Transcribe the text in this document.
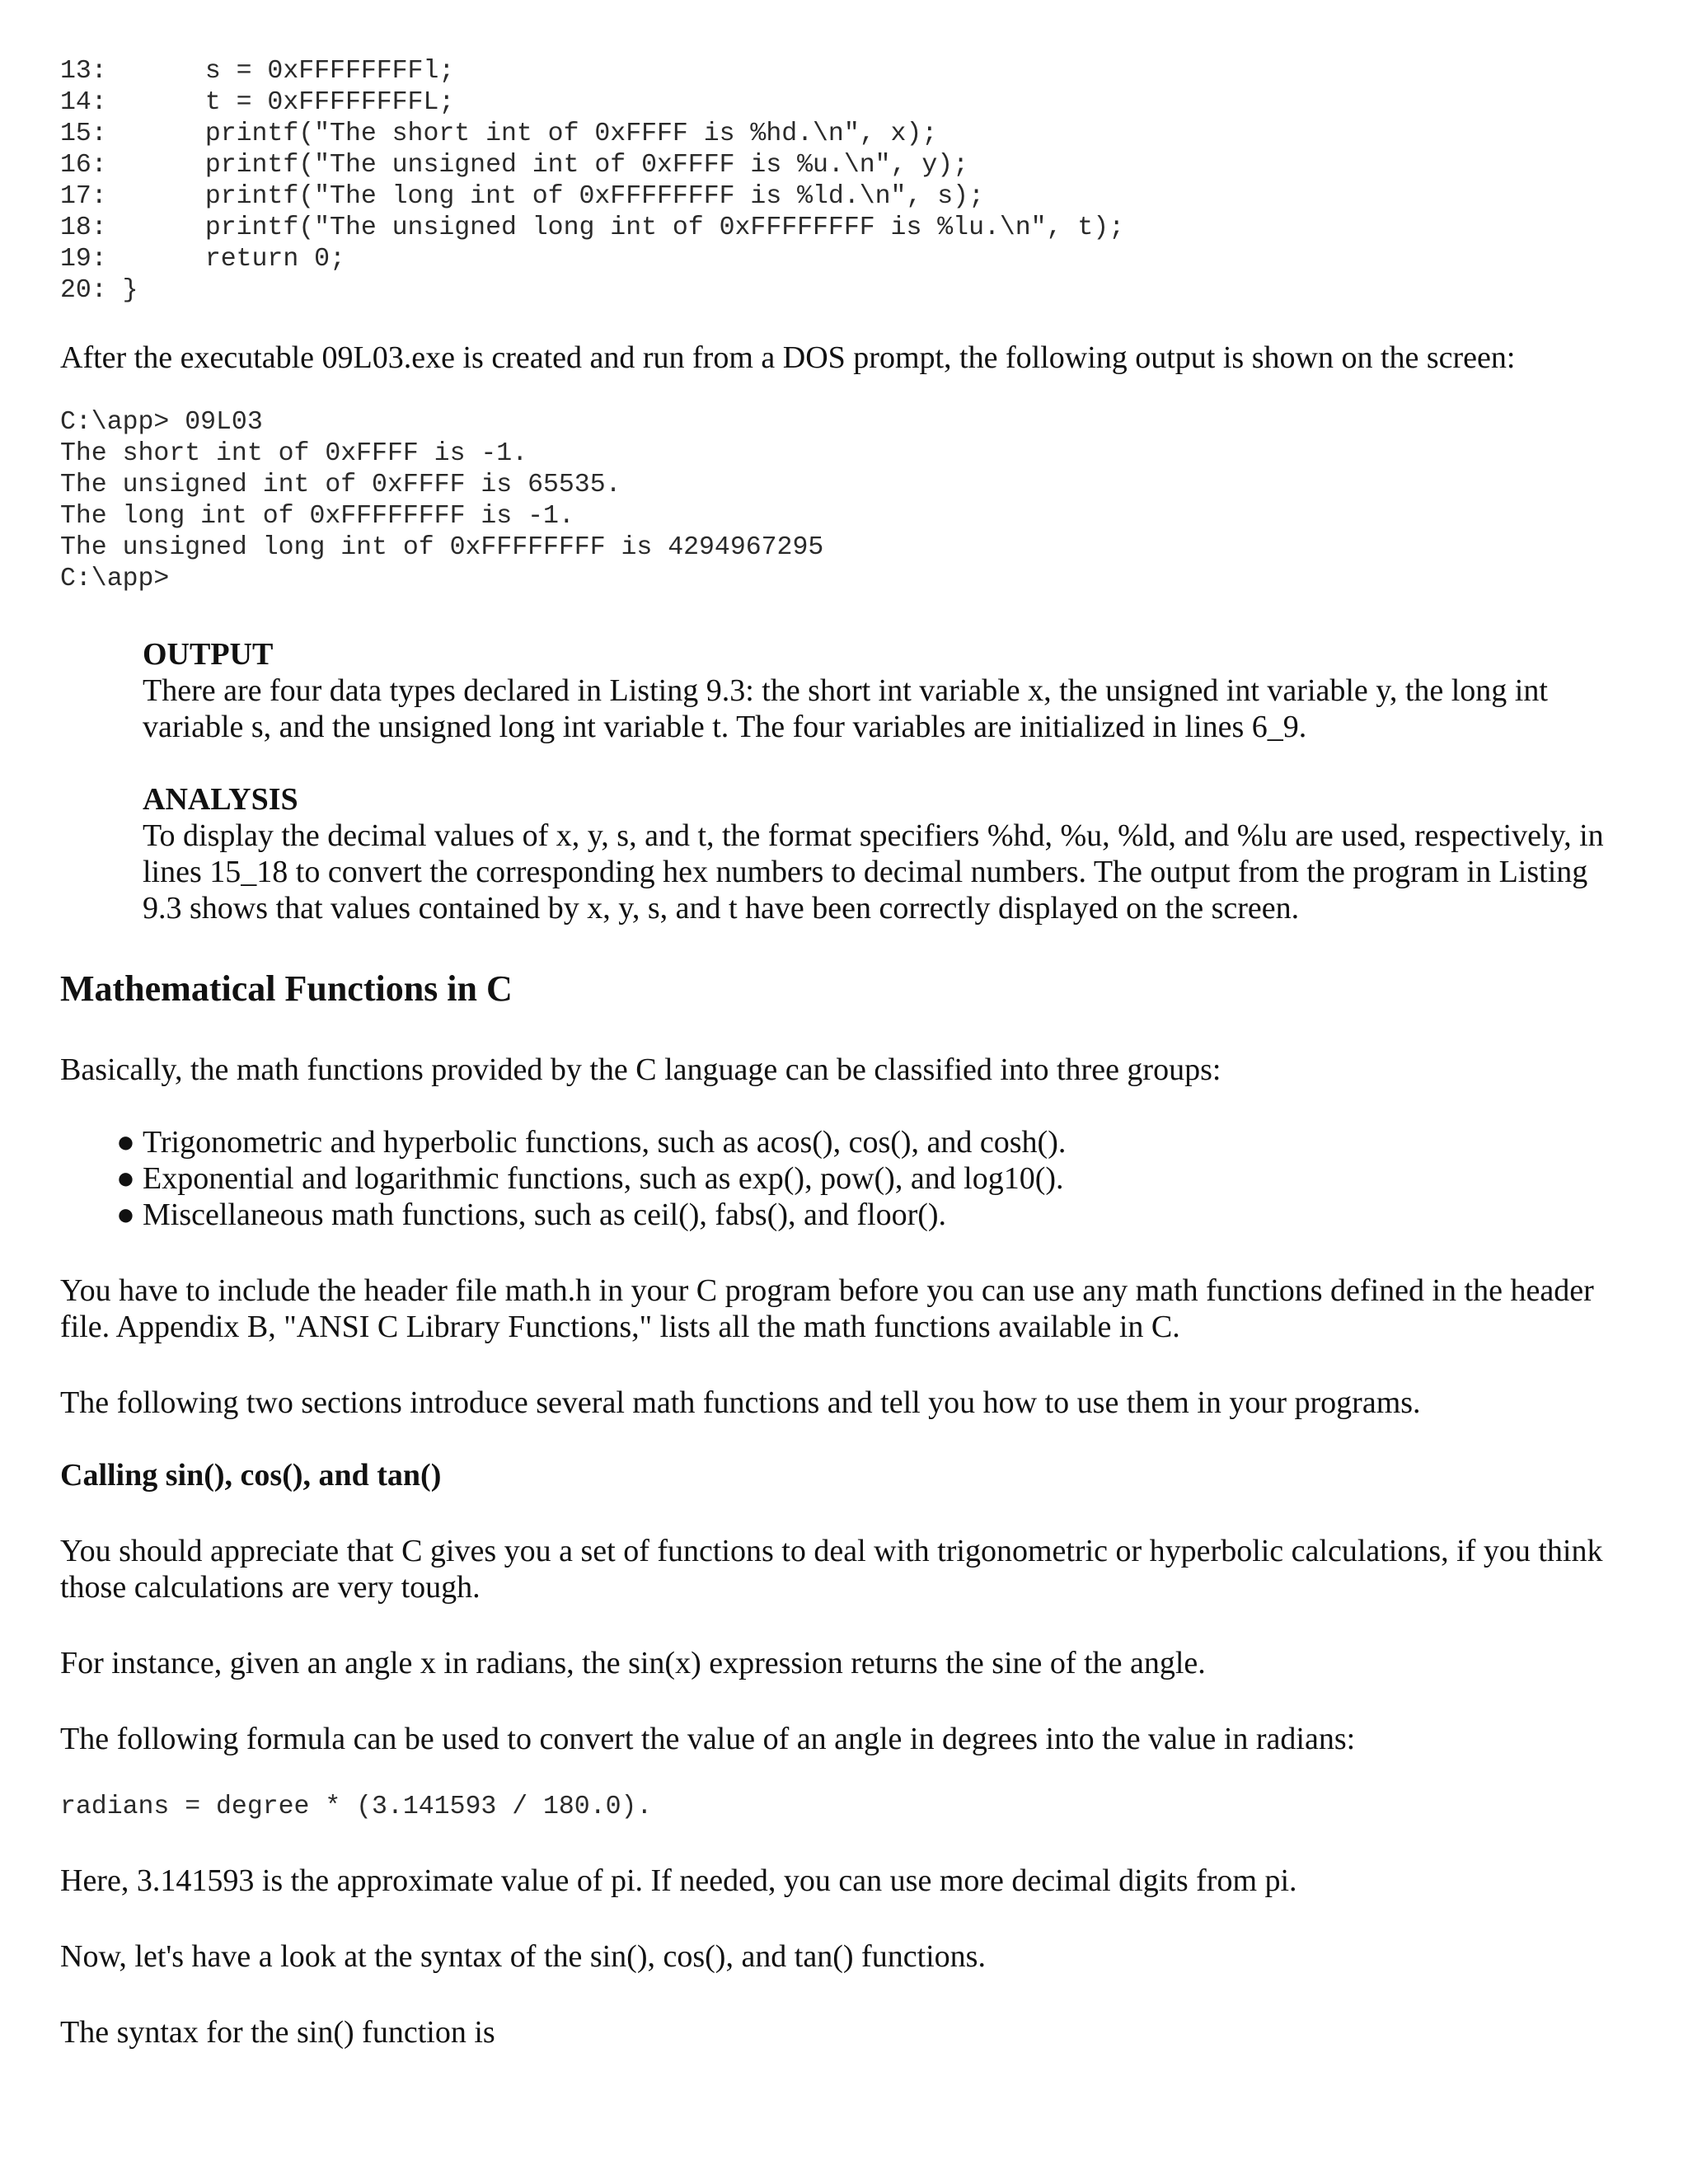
13:	s = 0xFFFFFFFFl;
14:	t = 0xFFFFFFFFL;
15:	printf("The short int of 0xFFFF is %hd.\n", x);
16:	printf("The unsigned int of 0xFFFF is %u.\n", y);
17:	printf("The long int of 0xFFFFFFFF is %ld.\n", s);
18:	printf("The unsigned long int of 0xFFFFFFFF is %lu.\n", t);
19:	return 0;
20: }

After the executable 09L03.exe is created and run from a DOS prompt, the following output is shown on the screen:

C:\app> 09L03
The short int of 0xFFFF is -1.
The unsigned int of 0xFFFF is 65535.
The long int of 0xFFFFFFFF is -1.
The unsigned long int of 0xFFFFFFFF is 4294967295
C:\app>
OUTPUT

There are four data types declared in Listing 9.3: the short int variable x, the unsigned int variable y, the long int variable s, and the unsigned long int variable t. The four variables are initialized in lines 6_9.

ANALYSIS

To display the decimal values of x, y, s, and t, the format specifiers %hd, %u, %ld, and %lu are used, respectively, in lines 15_18 to convert the corresponding hex numbers to decimal numbers. The output from the program in Listing 9.3 shows that values contained by x, y, s, and t have been correctly displayed on the screen.

Mathematical Functions in C

Basically, the math functions provided by the C language can be classified into three groups:

● Trigonometric and hyperbolic functions, such as acos(), cos(), and cosh().
● Exponential and logarithmic functions, such as exp(), pow(), and log10().
● Miscellaneous math functions, such as ceil(), fabs(), and floor().

You have to include the header file math.h in your C program before you can use any math functions defined in the header file. Appendix B, "ANSI C Library Functions," lists all the math functions available in C.

The following two sections introduce several math functions and tell you how to use them in your programs.

Calling sin(), cos(), and tan()

You should appreciate that C gives you a set of functions to deal with trigonometric or hyperbolic calculations, if you think those calculations are very tough.

For instance, given an angle x in radians, the sin(x) expression returns the sine of the angle.

The following formula can be used to convert the value of an angle in degrees into the value in radians:

radians = degree * (3.141593 / 180.0).

Here, 3.141593 is the approximate value of pi. If needed, you can use more decimal digits from pi.

Now, let's have a look at the syntax of the sin(), cos(), and tan() functions.

The syntax for the sin() function is
